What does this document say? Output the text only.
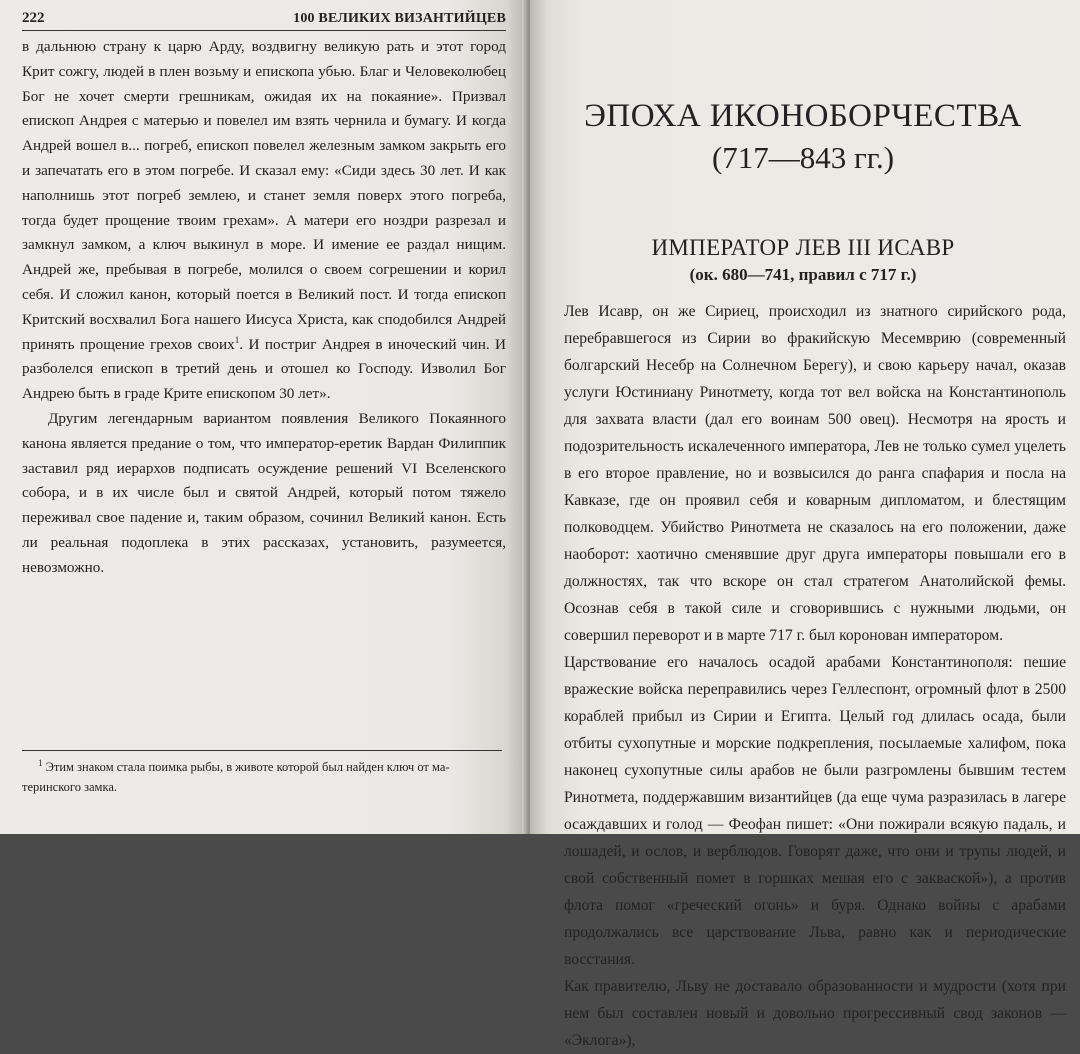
222	100 ВЕЛИКИХ ВИЗАНТИЙЦЕВ

в дальнюю страну к царю Арду, воздвигну великую рать и этот город Крит сожгу, людей в плен возьму и епископа убью. Благ и Человеколюбец Бог не хочет смерти грешникам, ожидая их на покаяние». Призвал епископ Андрея с матерью и повелел им взять чернила и бумагу. И когда Андрей вошел в... погреб, епископ повелел железным замком закрыть его и запечатать его в этом погребе. И сказал ему: «Сиди здесь 30 лет. И как наполнишь этот погреб землею, и станет земля поверх этого погреба, тогда будет прощение твоим грехам». А матери его ноздри разрезал и замкнул замком, а ключ выкинул в море. И имение ее раздал нищим. Андрей же, пребывая в погребе, молился о своем согрешении и корил себя. И сложил канон, который поется в Великий пост. И тогда епископ Критский восхвалил Бога нашего Иисуса Христа, как сподобился Андрей принять прощение грехов своих$^1$. И постриг Андрея в иноческий чин. И разболелся епископ в третий день и отошел ко Господу. Изволил Бог Андрею быть в граде Крите епископом 30 лет».

Другим легендарным вариантом появления Великого Покаянного канона является предание о том, что император-еретик Вардан Филиппик заставил ряд иерархов подписать осуждение решений VI Вселенского собора, и в их числе был и святой Андрей, который потом тяжело переживал свое падение и, таким образом, сочинил Великий канон. Есть ли реальная подоплека в этих рассказах, установить, разумеется, невозможно.

$^1$ Этим знаком стала поимка рыбы, в животе которой был найден ключ от ма-
теринского замка.
ЭПОХА ИКОНОБОРЧЕСТВА
(717—843 гг.)
ИМПЕРАТОР ЛЕВ III ИСАВР
(ок. 680—741, правил с 717 г.)

Лев Исавр, он же Сириец, происходил из знатного сирийского рода, перебравшегося из Сирии во фракийскую Месемврию (современный болгарский Несебр на Солнечном Берегу), и свою карьеру начал, оказав услуги Юстиниану Ринотмету, когда тот вел войска на Константинополь для захвата власти (дал его воинам 500 овец). Несмотря на ярость и подозрительность искалеченного императора, Лев не только сумел уцелеть в его второе правление, но и возвысился до ранга спафария и посла на Кавказе, где он проявил себя и коварным дипломатом, и блестящим полководцем. Убийство Ринотмета не сказалось на его положении, даже наоборот: хаотично сменявшие друг друга императоры повышали его в должностях, так что вскоре он стал стратегом Анатолийской фемы. Осознав себя в такой силе и сговорившись с нужными людьми, он совершил переворот и в марте 717 г. был коронован императором.

Царствование его началось осадой арабами Константинополя: пешие вражеские войска переправились через Геллеспонт, огромный флот в 2500 кораблей прибыл из Сирии и Египта. Целый год длилась осада, были отбиты сухопутные и морские подкрепления, посылаемые халифом, пока наконец сухопутные силы арабов не были разгромлены бывшим тестем Ринотмета, поддержавшим византийцев (да еще чума разразилась в лагере осаждавших и голод — Феофан пишет: «Они пожирали всякую падаль, и лошадей, и ослов, и верблюдов. Говорят даже, что они и трупы людей, и свой собственный помет в горшках мешая его с закваской»), а против флота помог «греческий огонь» и буря. Однако войны с арабами продолжались все царствование Льва, равно как и периодические восстания.

Как правителю, Льву не доставало образованности и мудрости (хотя при нем был составлен новый и довольно прогрессивный свод законов — «Эклога»),
